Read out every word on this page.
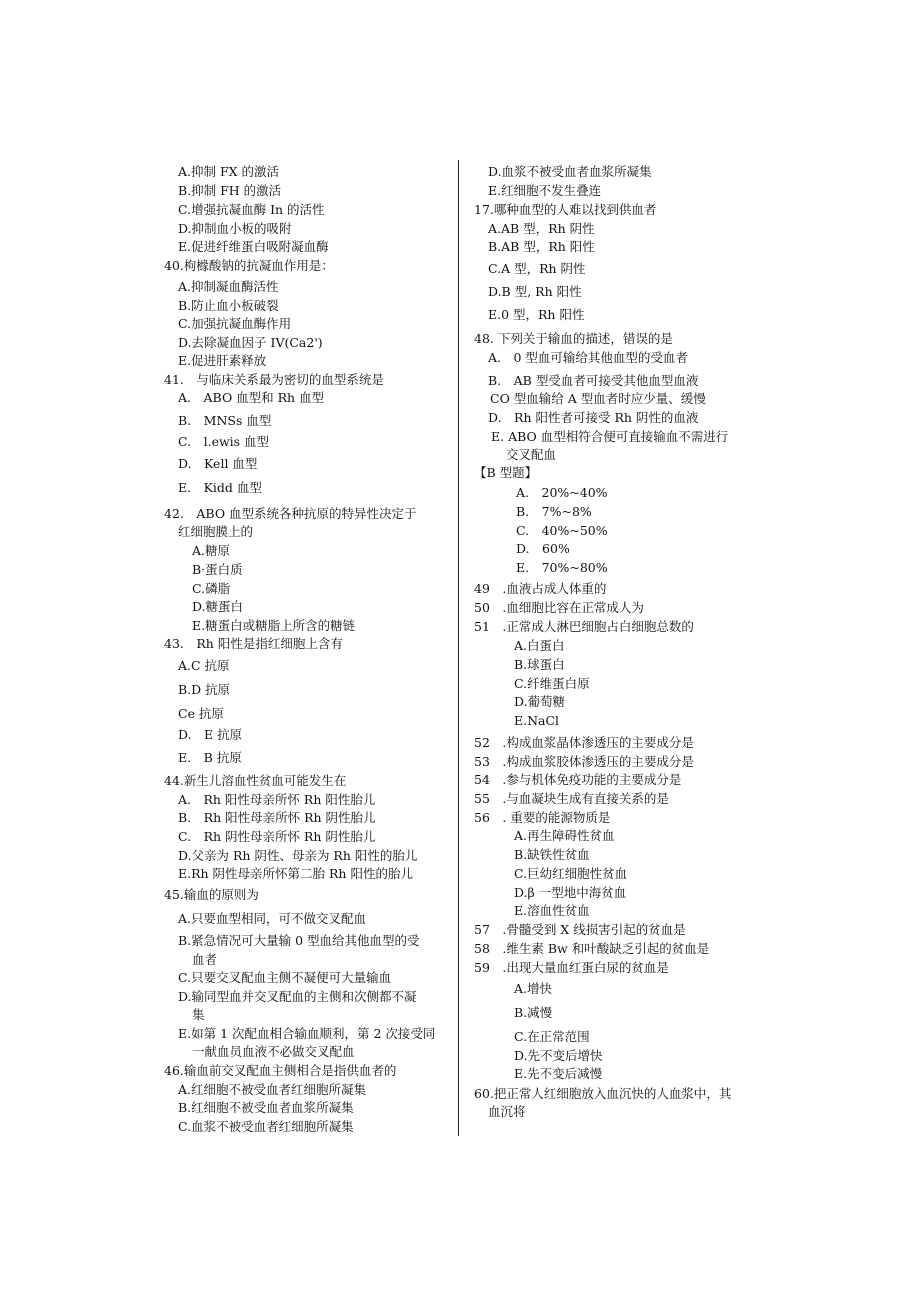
A.抑制 FX 的激活
B.抑制 FH 的激活
C.增强抗凝血酶 In 的活性
D.抑制血小板的吸附
E.促进纤维蛋白吸附凝血酶
40.枸橼酸钠的抗凝血作用是：
A.抑制凝血酶活性
B.防止血小板破裂
C.加强抗凝血酶作用
D.去除凝血因子 IV(Ca2')
E.促进肝素释放
41.　与临床关系最为密切的血型系统是
A.　ABO 血型和 Rh 血型
B.　MNSs 血型
C.　l.ewis 血型
D.　Kell 血型
E.　Kidd 血型
42.　ABO 血型系统各种抗原的特异性决定于
红细胞膜上的
A.糖原
B·蛋白质
C.磷脂
D.糖蛋白
E.糖蛋白或糖脂上所含的糖链
43.　Rh 阳性是指红细胞上含有
A.C 抗原
B.D 抗原
Ce 抗原
D.　E 抗原
E.　B 抗原
44.新生儿溶血性贫血可能发生在
A.　Rh 阳性母亲所怀 Rh 阳性胎儿
B.　Rh 阳性母亲所怀 Rh 阴性胎儿
C.　Rh 阴性母亲所怀 Rh 阴性胎儿
D.父亲为 Rh 阴性、母亲为 Rh 阳性的胎儿
E.Rh 阴性母亲所怀第二胎 Rh 阳性的胎儿
45.输血的原则为
A.只要血型相同，可不做交叉配血
B.紧急情况可大量输 0 型血给其他血型的受
血者
C.只要交叉配血主侧不凝便可大量输血
D.输同型血并交叉配血的主侧和次侧都不凝
集
E.如第 1 次配血相合输血顺利，第 2 次接受同
一献血员血液不必做交叉配血
46.输血前交叉配血主侧相合是指供血者的
A.红细胞不被受血者红细胞所凝集
B.红细胞不被受血者血浆所凝集
C.血浆不被受血者红细胞所凝集
D.血浆不被受血者血浆所凝集
E.红细胞不发生叠连
17.哪种血型的人难以找到供血者
A.AB 型，Rh 阴性
B.AB 型，Rh 阳性
C.A 型，Rh 阴性
D.B 型, Rh 阳性
E.0 型，Rh 阳性
48. 下列关于输血的描述，错误的是
A.　0 型血可输给其他血型的受血者
B.　AB 型受血者可接受其他血型血液
CO 型血输给 A 型血者时应少量、缓慢
D.　Rh 阳性者可接受 Rh 阴性的血液
E. ABO 血型相符合便可直接输血不需进行
交叉配血
【B 型题】
A.　20%~40%
B.　7%~8%
C.　40%~50%
D.　60%
E.　70%~80%
49　.血液占成人体重的
50　.血细胞比容在正常成人为
51　.正常成人淋巴细胞占白细胞总数的
A.白蛋白
B.球蛋白
C.纤维蛋白原
D.葡萄糖
E.NaCl
52　.构成血浆晶体渗透压的主要成分是
53　.构成血浆胶体渗透压的主要成分是
54　.参与机体免疫功能的主要成分是
55　.与血凝块生成有直接关系的是
56　. 重要的能源物质是
A.再生障碍性贫血
B.缺铁性贫血
C.巨幼红细胞性贫血
D.β 一型地中海贫血
E.溶血性贫血
57　.骨髓受到 X 线损害引起的贫血是
58　.维生素 Bw 和叶酸缺乏引起的贫血是
59　.出现大量血红蛋白尿的贫血是
A.增快
B.减慢
C.在正常范围
D.先不变后增快
E.先不变后减慢
60.把正常人红细胞放入血沉快的人血浆中，其
血沉将
